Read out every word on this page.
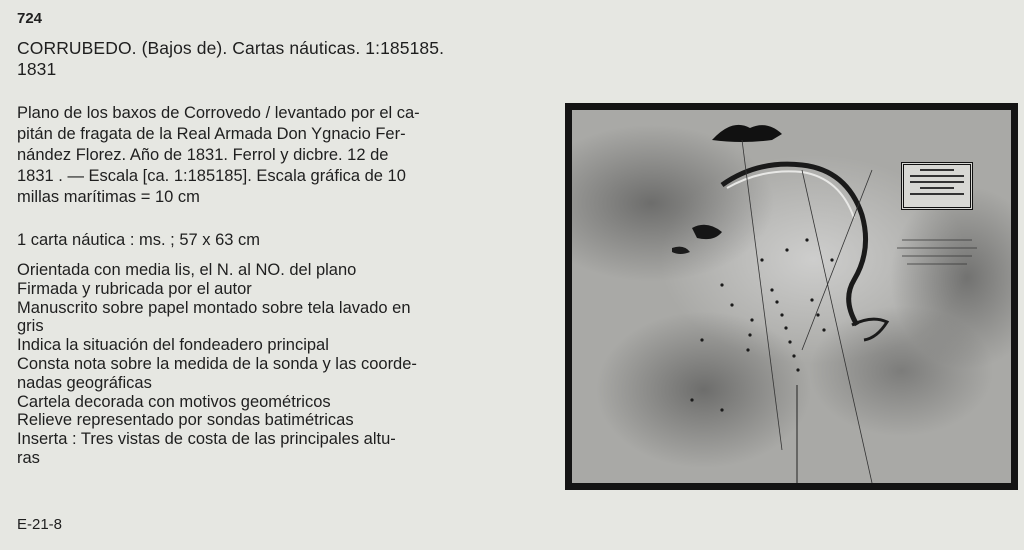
724
CORRUBEDO. (Bajos de). Cartas náuticas. 1:185185.
1831

Plano de los baxos de Corrovedo / levantado por el ca-

pitán de fragata de la Real Armada Don Ygnacio Fer-

nández Florez. Año de 1831. Ferrol y dicbre. 12 de

1831 . — Escala [ca. 1:185185]. Escala gráfica de 10

millas marítimas = 10 cm

1 carta náutica : ms. ; 57 x 63 cm

Orientada con media lis, el N. al NO. del plano

Firmada y rubricada por el autor

Manuscrito sobre papel montado sobre tela lavado en

gris

Indica la situación del fondeadero principal

Consta nota sobre la medida de la sonda y las coorde-

nadas geográficas

Cartela decorada con motivos geométricos

Relieve representado por sondas batimétricas

Inserta : Tres vistas de costa de las principales altu-

ras

E-21-8
